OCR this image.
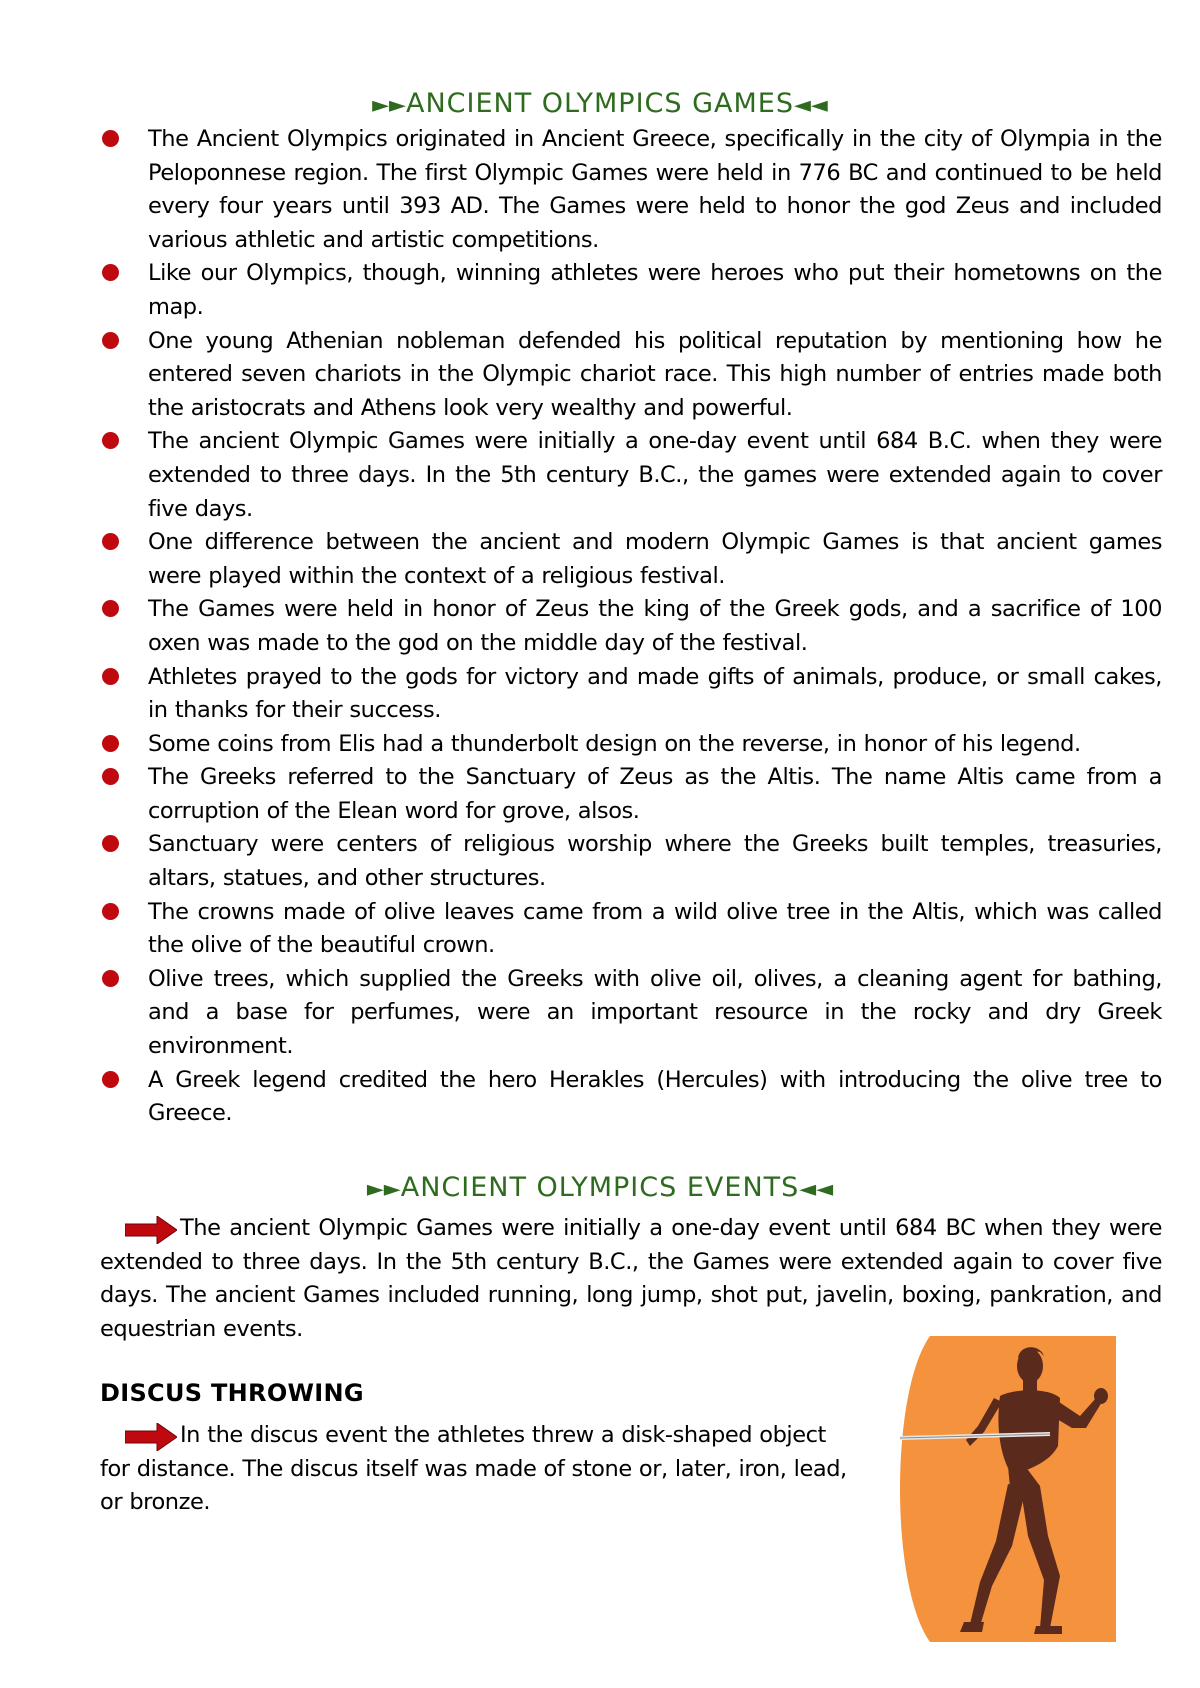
►►ANCIENT OLYMPICS GAMES◄◄
The Ancient Olympics originated in Ancient Greece, specifically in the city of Olympia in the Peloponnese region. The first Olympic Games were held in 776 BC and continued to be held every four years until 393 AD. The Games were held to honor the god Zeus and included various athletic and artistic competitions.
Like our Olympics, though, winning athletes were heroes who put their hometowns on the map.
One young Athenian nobleman defended his political reputation by mentioning how he entered seven chariots in the Olympic chariot race. This high number of entries made both the aristocrats and Athens look very wealthy and powerful.
The ancient Olympic Games were initially a one-day event until 684 B.C. when they were extended to three days. In the 5th century B.C., the games were extended again to cover five days.
One difference between the ancient and modern Olympic Games is that ancient games were played within the context of a religious festival.
The Games were held in honor of Zeus the king of the Greek gods, and a sacrifice of 100 oxen was made to the god on the middle day of the festival.
Athletes prayed to the gods for victory and made gifts of animals, produce, or small cakes, in thanks for their success.
Some coins from Elis had a thunderbolt design on the reverse, in honor of his legend.
The Greeks referred to the Sanctuary of Zeus as the Altis. The name Altis came from a corruption of the Elean word for grove, alsos.
Sanctuary were centers of religious worship where the Greeks built temples, treasuries, altars, statues, and other structures.
The crowns made of olive leaves came from a wild olive tree in the Altis, which was called the olive of the beautiful crown.
Olive trees, which supplied the Greeks with olive oil, olives, a cleaning agent for bathing, and a base for perfumes, were an important resource in the rocky and dry Greek environment.
A Greek legend credited the hero Herakles (Hercules) with introducing the olive tree to Greece.
►►ANCIENT OLYMPICS EVENTS◄◄
The ancient Olympic Games were initially a one-day event until 684 BC when they were extended to three days. In the 5th century B.C., the Games were extended again to cover five days. The ancient Games included running, long jump, shot put, javelin, boxing, pankration, and equestrian events.
DISCUS THROWING
In the discus event the athletes threw a disk-shaped object for distance. The discus itself was made of stone or, later, iron, lead, or bronze.
